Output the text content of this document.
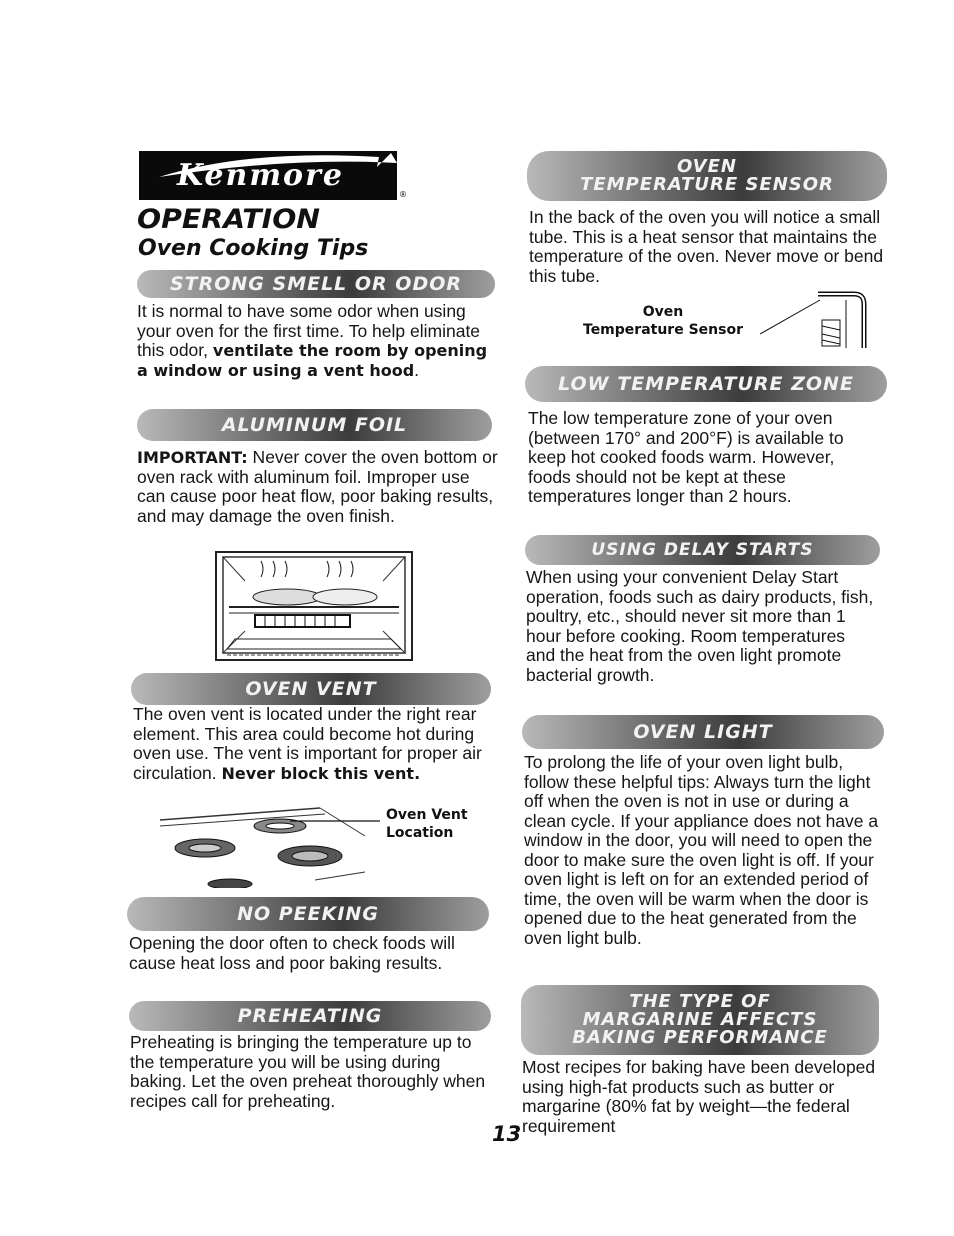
Kenmore
®
OPERATION
Oven Cooking Tips
STRONG SMELL OR ODOR
It is normal to have some odor when using your oven for the first time. To help eliminate this odor, ventilate the room by opening a window or using a vent hood.
ALUMINUM FOIL
IMPORTANT: Never cover the oven bottom or oven rack with aluminum foil. Improper use can cause poor heat flow, poor baking results, and may damage the oven finish.
OVEN VENT
The oven vent is located under the right rear element. This area could become hot during oven use. The vent is important for proper air circulation. Never block this vent.
Oven Vent
Location
NO PEEKING
Opening the door often to check foods will cause heat loss and poor baking results.
PREHEATING
Preheating is bringing the temperature up to the temperature you will be using during baking. Let the oven preheat thoroughly when recipes call for preheating.
13
OVEN
TEMPERATURE SENSOR
In the back of the oven you will notice a small tube. This is a heat sensor that maintains the temperature of the oven. Never move or bend this tube.
Oven
Temperature Sensor
LOW TEMPERATURE ZONE
The low temperature zone of your oven (between 170° and 200°F) is available to keep hot cooked foods warm. However, foods should not be kept at these temperatures longer than 2 hours.
USING DELAY STARTS
When using your convenient Delay Start operation, foods such as dairy products, fish, poultry, etc., should never sit more than 1 hour before cooking. Room temperatures and the heat from the oven light promote bacterial growth.
OVEN LIGHT
To prolong the life of your oven light bulb, follow these helpful tips: Always turn the light off when the oven is not in use or during a clean cycle. If your appliance does not have a window in the door, you will need to open the door to make sure the oven light is off. If your oven light is left on for an extended period of time, the oven will be warm when the door is opened due to the heat generated from the oven light bulb.
THE TYPE OF
MARGARINE AFFECTS
BAKING PERFORMANCE
Most recipes for baking have been developed using high-fat products such as butter or margarine (80% fat by weight—the federal requirement
